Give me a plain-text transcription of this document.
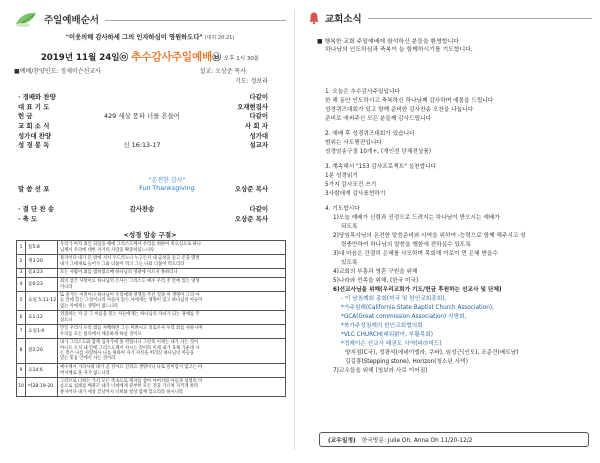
주일예배순서
"이웃의해 감사하세 그의 인자하심이 영원하도다" (대하 20:21)
2019년 11월 24일 ㉧ 추수감사주일예배 ㉥ 오후 1시 30분
■예배/찬양인도: 정제이슨선교사	설교: 오상준 목사
기도: 정보라
· 경배와 찬양	다같이
대 표 기 도	오재현집사
헌 금	429 세상 풍파 너를 흔들어	다같이
교 회 소 식	사 회 자
성가대 찬양	성가대
성 경 봉 독	신 16:13-17	설교자
"온전한 감사"
Full Thanksgiving
말 씀 선 포	오상준 목사
· 결 단 찬 송	감사찬송	다같이
· 축 도	오상준 목사
<성경 암송 구절>
1	롬5:8	우리가 아직 죄인 되었을 때에 그리스도께서 우리를 위하여 죽으심으로 하나
님께서 우리에 대한 자기의 사랑을 확증하셨느니라

2	계3:20	볼지어다 내가 문 밖에 서서 두드리노니 누구든지 내 음성을 듣고 문을 열면
내가 그에게로 들어가 그와 더불어 먹고 그는 나와 더불어 먹으리라

3	롬3:23	모든 사람이 죄를 범하였으매 하나님의 영광에 이르지 못하더니

4	롬6:23	죄의 삯은 사망이요 하나님의 은사는 그리스도 예수 우리 주 안에 있는 영생
이니라

5	요일 5:11-12	또 증거는 이것이니 하나님이 우리에게 영생을 주신 것과 이 생명이 그의 아
들 안에 있는 그것이니라 아들이 있는 자에게는 생명이 있고 하나님의 아들이
없는 자에게는 생명이 없느니라

6	요1:12	영접하는 자 곧 그 이름을 믿는 자들에게는 하나님의 자녀가 되는 권세를 주
셨으니

7	요일1:9	만일 우리가 우리 죄를 자백하면 그는 미쁘시고 의로우사 우리 죄를 사하시며
우리를 모든 불의에서 깨끗하게 하실 것이요

8	갈2:20	내가 그리스도와 함께 십자가에 못 박혔나니 그런즉 이제는 내가 사는 것이
아니요 오직 내 안에 그리스도께서 사시는 것이라 이제 내가 육체 가운데 사
는 것은 나를 사랑하사 나를 위하여 자기 자신을 버리신 하나님의 아들을
믿는 믿음 안에서 사는 것이라

9	요14:6	예수께서 가라사대 내가 곧 길이요 진리요 생명이니 나로 말미암지 않고는 아
버지께로 올 자가 없느니라

10	마28:19-20	그러므로 너희는 가서 모든 족속으로 제자를 삼아 아버지와 아들과 성령의 이
름으로 침례를 베풀고 내가 너희에게 분부한 모든 것을 가르쳐 지키게 하라
볼지어다 내가 세상 끝날까지 너희와 항상 함께 있으리라 하시니라
교회소식
■ 행복한 교회 주일예배에 참석하신 분들을 환영합니다
하나님의 인도하심과 축복이 늘 함께하시기를 기도합니다.
1. 오늘은 추수감사주일입니다
한 해 동안 인도하시고 축복하신 하나님께 감사하며 예물을 드립니다
성경퀴즈대회가 있고 함께 준비한 감사찬송 오찬을 나눕니다
준비로 애써주신 모든 분들께 감사드립니다
2. 예배 후 성경퀴즈대회가 있습니다
범위는 사도행전입니다
성경암송구절 10개+, (개인전 단체전상품)
3. 계속해서 "153 감사프로젝트" 실천합니다
1분 성경읽기
5가지 감사조건 쓰기
3사람에게 감사표현하기
4. 기도합시다
1)오늘 예배가 신령과 진정으로 드려지는 하나님이 받으시는 예배가
되도록
2)당임목사님의 온전한 말씀준비와 사역을 위하여 -능력으로 함께 해주시고 성
령충만하여 하나님의 말씀을 행함에 전하실수 있도록
3)내 마음은 간절히 은혜를 사모하며 목회해 이로이 먼 은혜 받을수
있도록
4)교회의 부흥과 영혼 구원을 위해
5)나라와 민족을 위해, (한국 미국)
6)선교사님을 위해(우리교회가 기도/헌금 후원하는 선교사 및 단체)
- 이 남침례회 총회(미국 및 한인교회총회),
*가주침례(California State Baptist Church Association),
*GCA(Great commission Association) 지방회,
*북가주성침례의 한인교회협의회
*VLC CHURCH(래워맑아, 부활목회)
*정제이슨 선교사 태권도 사역(파라미드)
양지점(C국), 정광석(에네이엘라, 쿠바), 임성근(인도), 조준건(베트남)
김길흥(Stepping stone), Horizon(청소년 사역)
7)교우들을 위해 (청보라 사로 이어짐)
(교우일정) 한국방문: Julie Oh, Anna Oh 11/20-12/2
